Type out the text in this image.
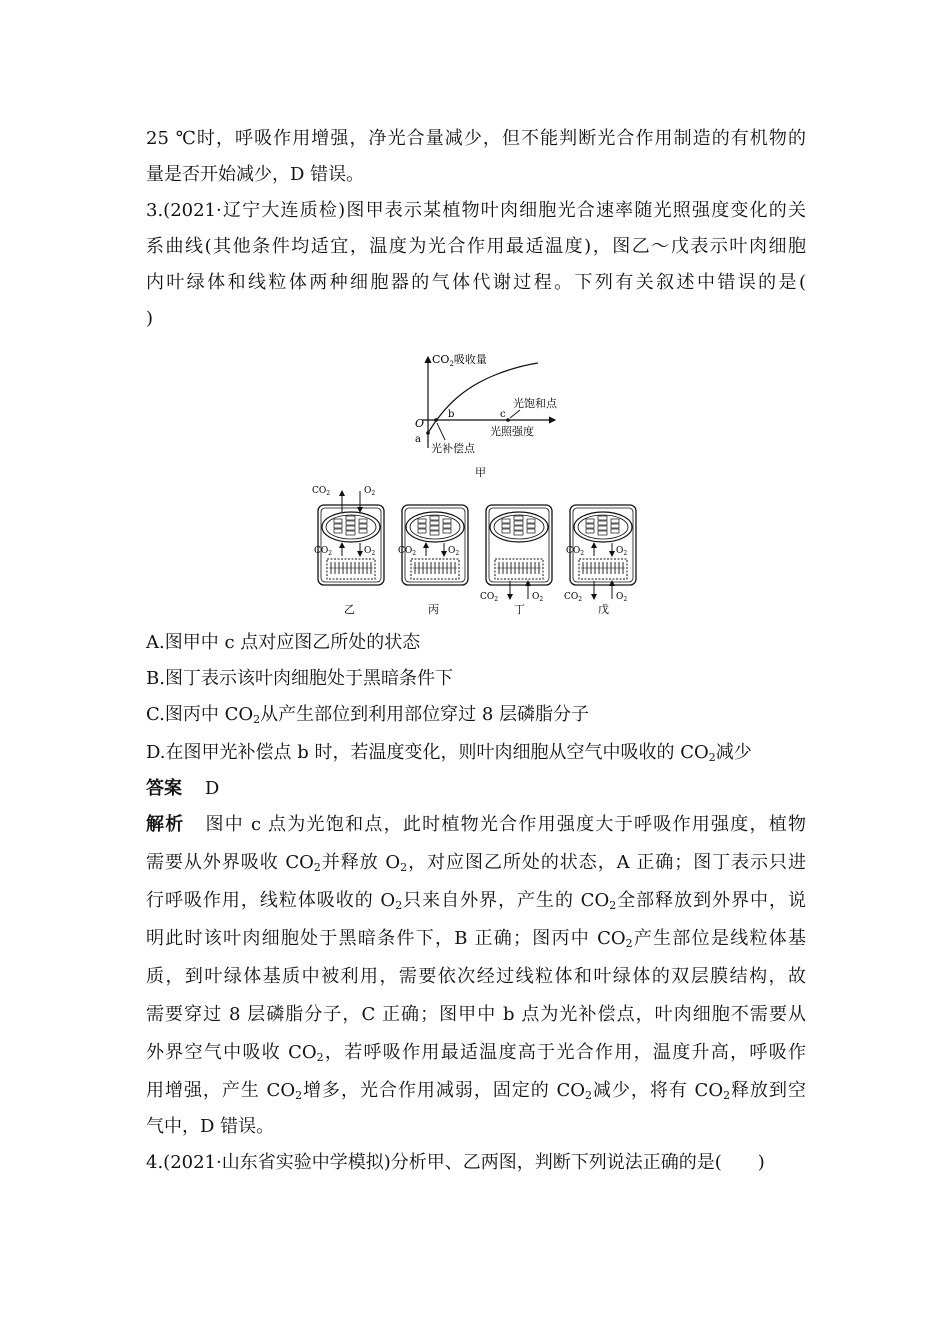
25 ℃时，呼吸作用增强，净光合量减少，但不能判断光合作用制造的有机物的
量是否开始减少，D 错误。
3.(2021·辽宁大连质检)图甲表示某植物叶肉细胞光合速率随光照强度变化的关
系曲线(其他条件均适宜，温度为光合作用最适温度)，图乙～戊表示叶肉细胞
内叶绿体和线粒体两种细胞器的气体代谢过程。下列有关叙述中错误的是(
)
$CO_2$吸收量
O
a
b	c
光饱和点
光照强度
光补偿点
甲
$CO_2$	$O_2$
$CO_2$	$O_2$
乙
$CO_2$	$O_2$
丙
$CO_2$	$O_2$
丁
$CO_2$	$O_2$
$CO_2$	$O_2$
戊
A.图甲中 c 点对应图乙所处的状态
B.图丁表示该叶肉细胞处于黑暗条件下
C.图丙中 $CO_2$从产生部位到利用部位穿过 8 层磷脂分子
D.在图甲光补偿点 b 时，若温度变化，则叶肉细胞从空气中吸收的 $CO_2$减少
答案 D
解析 图中 c 点为光饱和点，此时植物光合作用强度大于呼吸作用强度，植物
需要从外界吸收 $CO_2$并释放 $O_2$，对应图乙所处的状态，A 正确；图丁表示只进
行呼吸作用，线粒体吸收的 $O_2$只来自外界，产生的 $CO_2$全部释放到外界中，说
明此时该叶肉细胞处于黑暗条件下，B 正确；图丙中 $CO_2$产生部位是线粒体基
质，到叶绿体基质中被利用，需要依次经过线粒体和叶绿体的双层膜结构，故
需要穿过 8 层磷脂分子，C 正确；图甲中 b 点为光补偿点，叶肉细胞不需要从
外界空气中吸收 $CO_2$，若呼吸作用最适温度高于光合作用，温度升高，呼吸作
用增强，产生 $CO_2$增多，光合作用减弱，固定的 $CO_2$减少，将有 $CO_2$释放到空
气中，D 错误。
4.(2021·山东省实验中学模拟)分析甲、乙两图，判断下列说法正确的是(　　)
